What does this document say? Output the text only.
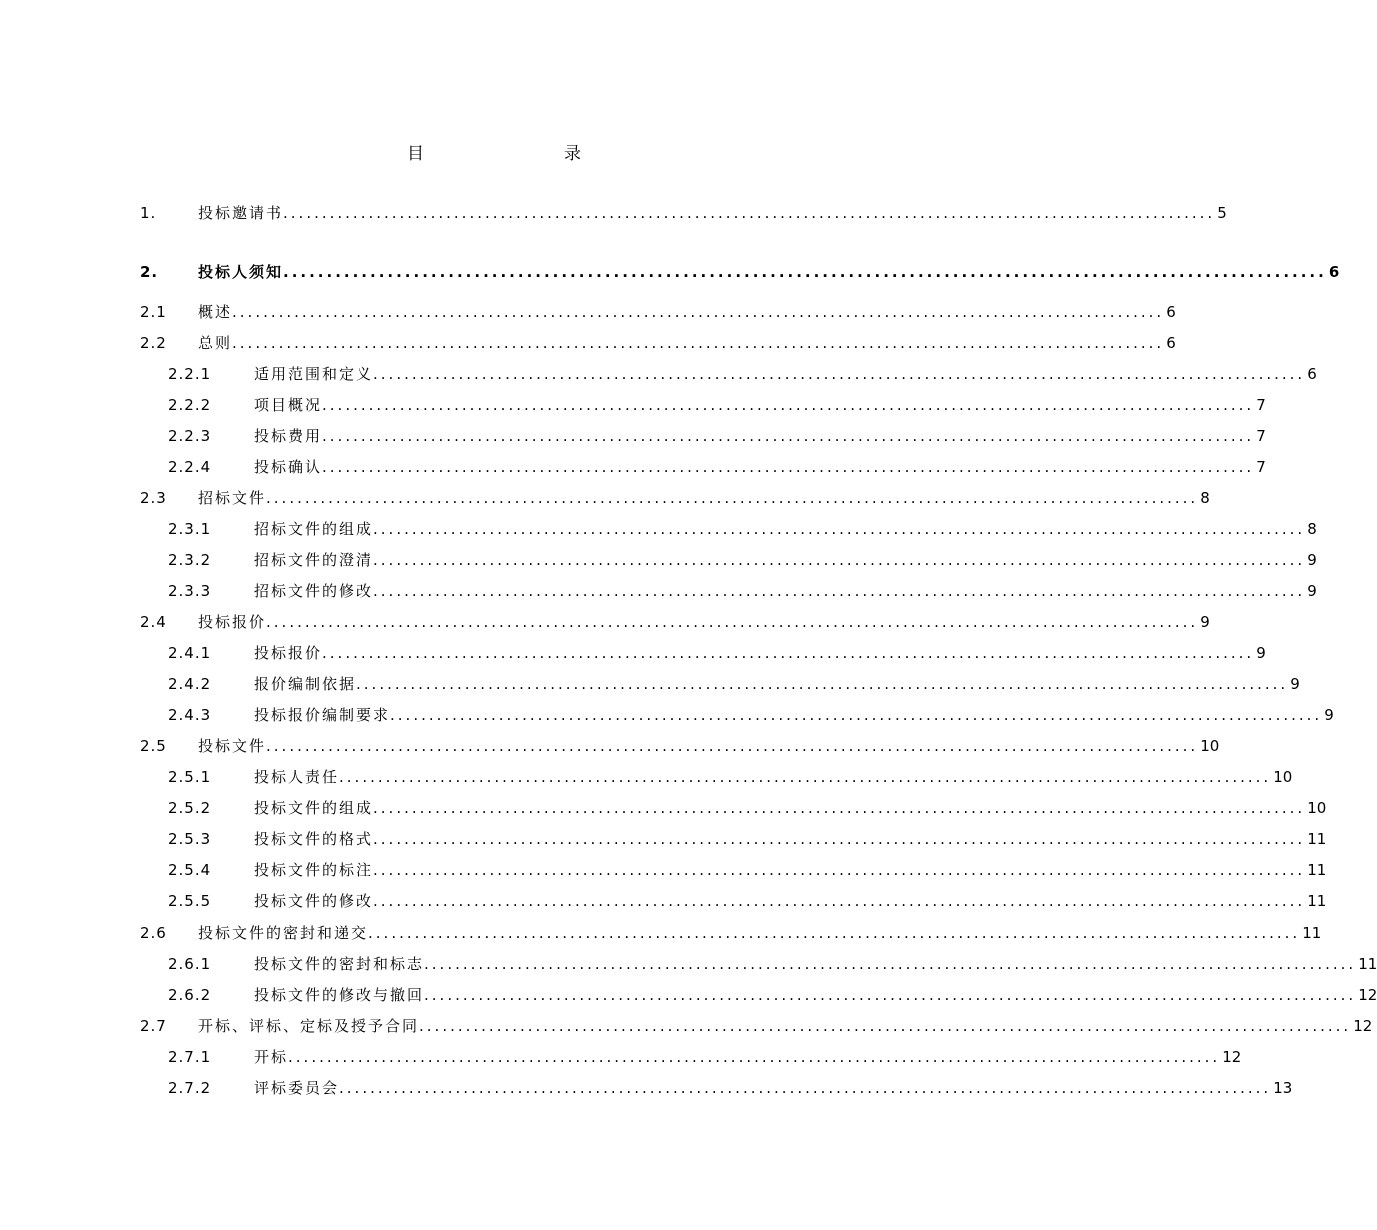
目	录
1.	投标邀请书 ........................................................................................................................ 5
2.	投标人须知 ........................................................................................................................ 6
2.1 概述 ........................................................................................................................ 6
2.2 总则 ........................................................................................................................ 6
2.2.1	适用范围和定义 ........................................................................................................................ 6
2.2.2	项目概况 ........................................................................................................................ 7
2.2.3	投标费用 ........................................................................................................................ 7
2.2.4	投标确认 ........................................................................................................................ 7
2.3 招标文件 ........................................................................................................................ 8
2.3.1	招标文件的组成 ........................................................................................................................ 8
2.3.2	招标文件的澄清 ........................................................................................................................ 9
2.3.3	招标文件的修改 ........................................................................................................................ 9
2.4 投标报价 ........................................................................................................................ 9
2.4.1	投标报价 ........................................................................................................................ 9
2.4.2	报价编制依据 ........................................................................................................................ 9
2.4.3	投标报价编制要求 ........................................................................................................................ 9
2.5 投标文件 ........................................................................................................................ 10
2.5.1	投标人责任 ........................................................................................................................ 10
2.5.2	投标文件的组成 ........................................................................................................................ 10
2.5.3	投标文件的格式 ........................................................................................................................ 11
2.5.4	投标文件的标注 ........................................................................................................................ 11
2.5.5	投标文件的修改 ........................................................................................................................ 11
2.6 投标文件的密封和递交 ........................................................................................................................ 11
2.6.1	投标文件的密封和标志 ........................................................................................................................ 11
2.6.2	投标文件的修改与撤回 ........................................................................................................................ 12
2.7 开标、评标、定标及授予合同 ........................................................................................................................ 12
2.7.1	开标 ........................................................................................................................ 12
2.7.2	评标委员会 ........................................................................................................................ 13
